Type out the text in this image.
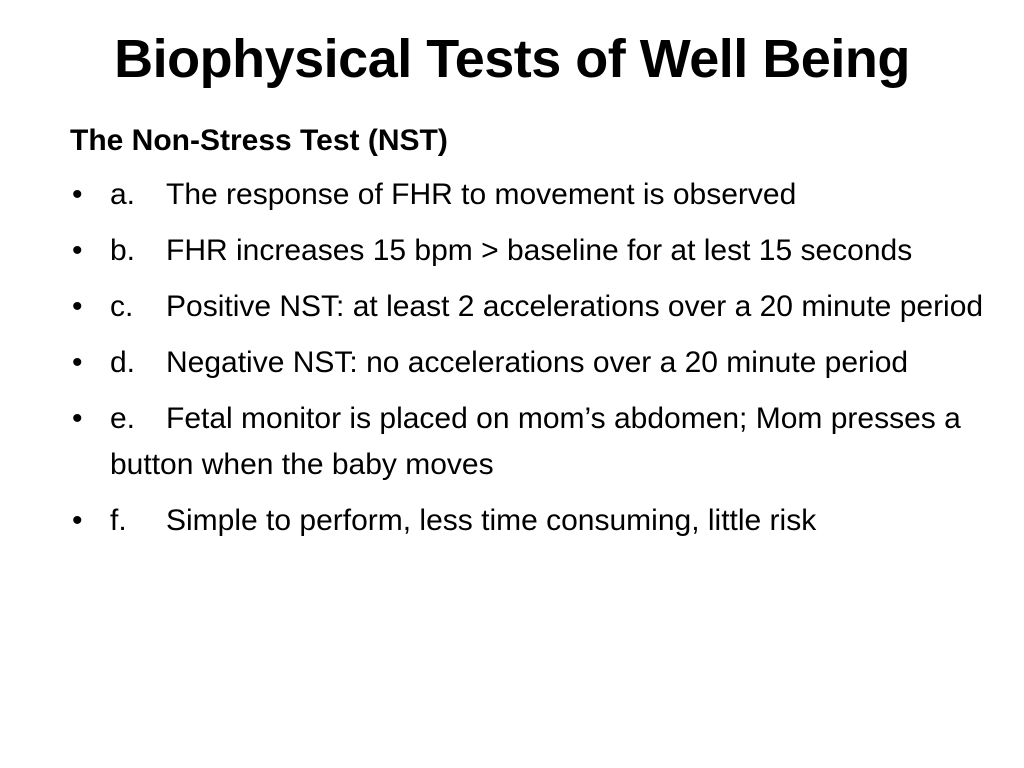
Biophysical Tests of Well Being
The Non-Stress Test (NST)
• a. The response of FHR to movement is observed
• b. FHR increases 15 bpm > baseline for at lest 15 seconds
• c. Positive NST: at least 2 accelerations over a 20 minute period
• d. Negative NST: no accelerations over a 20 minute period
• e. Fetal monitor is placed on mom’s abdomen; Mom presses a button when the baby moves
• f. Simple to perform, less time consuming, little risk
